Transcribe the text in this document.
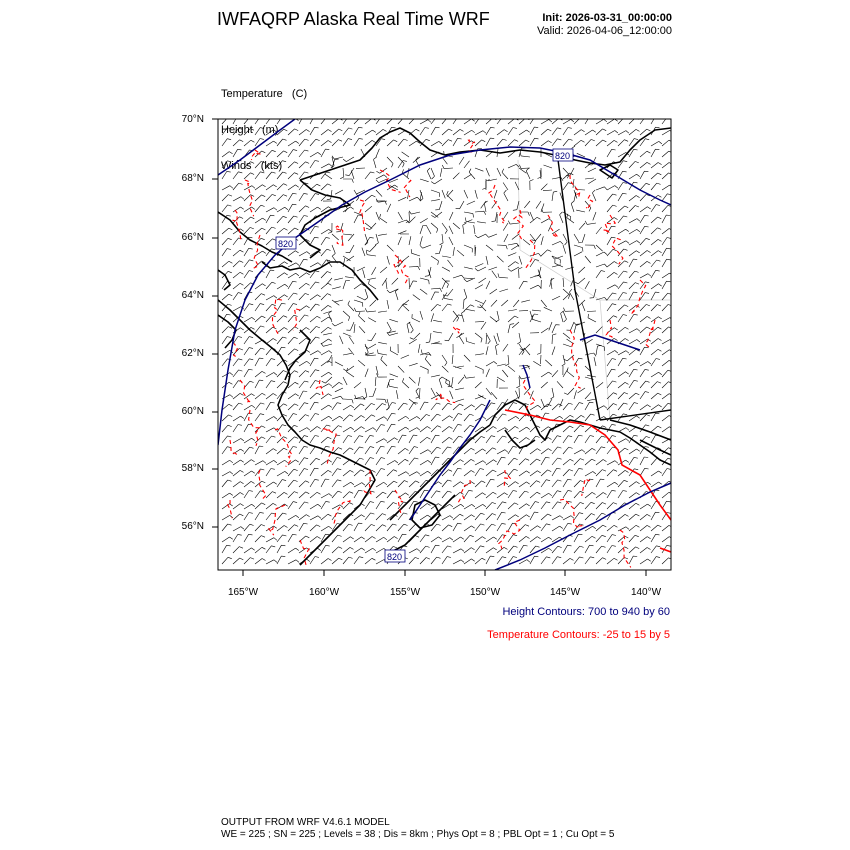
IWFAQRP Alaska Real Time WRF	Init: 2026-03-31_00:00:00
Valid: 2026-04-06_12:00:00

Temperature   (C)

Height   (m)

Winds   (kts)

820
820
820
70°N
68°N
66°N
64°N
62°N
60°N
58°N
56°N
165°W	160°W	155°W	150°W	145°W	140°W
Height Contours: 700 to 940 by 60
Temperature Contours: -25 to 15 by 5
OUTPUT FROM WRF V4.6.1 MODEL
WE = 225 ; SN = 225 ; Levels = 38 ; Dis = 8km ; Phys Opt = 8 ; PBL Opt = 1 ; Cu Opt = 5
